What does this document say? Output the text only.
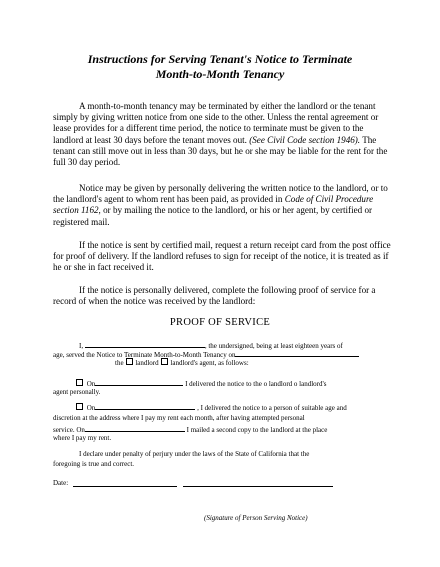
Instructions for Serving Tenant's Notice to Terminate
Month-to-Month Tenancy
A month-to-month tenancy may be terminated by either the landlord or the tenant simply by giving written notice from one side to the other. Unless the rental agreement or lease provides for a different time period, the notice to terminate must be given to the landlord at least 30 days before the tenant moves out. (See Civil Code section 1946). The tenant can still move out in less than 30 days, but he or she may be liable for the rent for the full 30 day period.
Notice may be given by personally delivering the written notice to the landlord, or to the landlord's agent to whom rent has been paid, as provided in Code of Civil Procedure section 1162, or by mailing the notice to the landlord, or his or her agent, by certified or registered mail.
If the notice is sent by certified mail, request a return receipt card from the post office for proof of delivery. If the landlord refuses to sign for receipt of the notice, it is treated as if he or she in fact received it.
If the notice is personally delivered, complete the following proof of service for a record of when the notice was received by the landlord:
PROOF OF SERVICE
I,	, the undersigned, being at least eighteen years of
age, served the Notice to Terminate Month-to-Month Tenancy on
the landlord landlord's agent, as follows:
On	I delivered the notice to the o landlord o landlord's
agent personally.
On	, I delivered the notice to a person of suitable age and
discretion at the address where I pay my rent each month, after having attempted personal
service. On	I mailed a second copy to the landlord at the place
where I pay my rent.
I declare under penalty of perjury under the laws of the State of California that the
foregoing is true and correct.
Date:
(Signature of Person Serving Notice)
